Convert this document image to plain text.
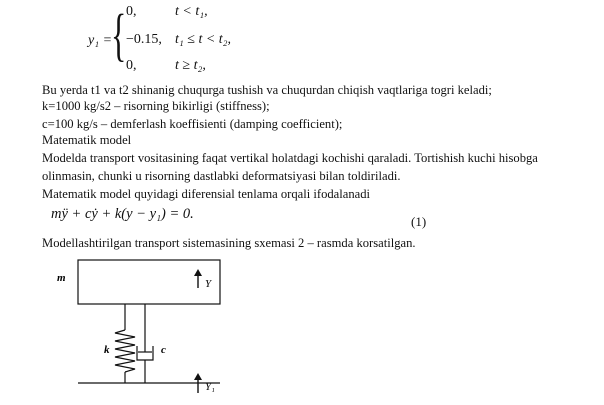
y₁ =
{ 0,	t < t₁,
−0.15, t₁ ≤ t < t₂,
0,	t ≥ t₂,
Bu yerda t1 va t2 shinanig chuqurga tushish va chuqurdan chiqish vaqtlariga togri keladi;
k=1000 kg/s2 – risorning bikirligi (stiffness);
c=100 kg/s – demferlash koeffisienti (damping coefficient);
Matematik model
Modelda transport vositasining faqat vertikal holatdagi kochishi qaraladi. Tortishish kuchi hisobga
olinmasin, chunki u risorning dastlabki deformatsiyasi bilan toldiriladi.
Matematik model quyidagi diferensial tenlama orqali ifodalanadi
mÿ + cẏ + k(y − y₁) = 0.	(1)
Modellashtirilgan transport sistemasining sxemasi 2 – rasmda korsatilgan.
m	Y
k	c
Y₁
